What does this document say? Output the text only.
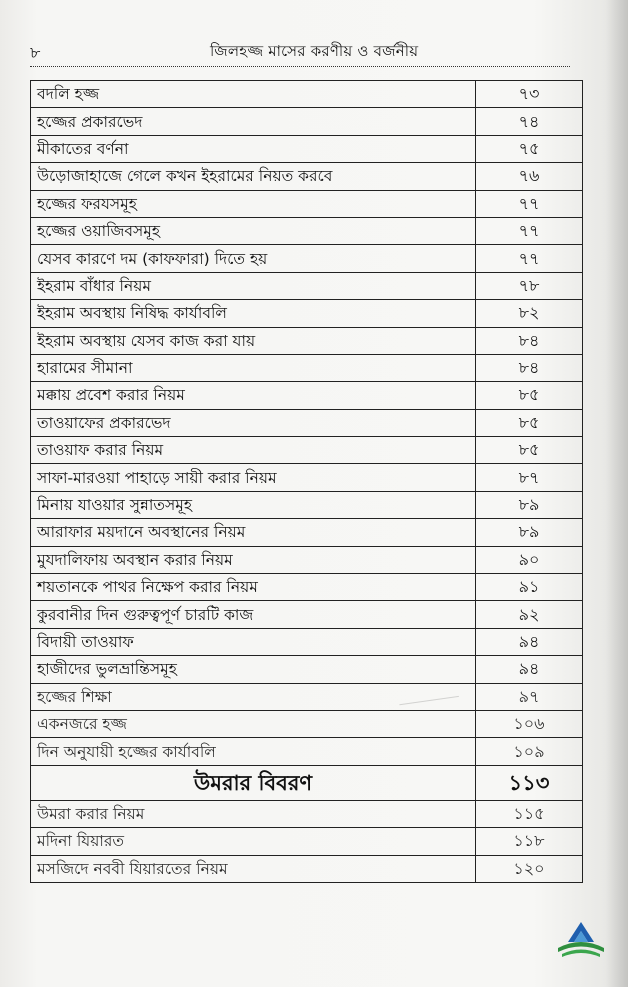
৮	জিলহজ্জ মাসের করণীয় ও বর্জনীয়
বদলি হজ্জ	৭৩
হজ্জের প্রকারভেদ	৭৪
মীকাতের বর্ণনা	৭৫
উড়োজাহাজে গেলে কখন ইহরামের নিয়ত করবে	৭৬
হজ্জের ফরযসমূহ	৭৭
হজ্জের ওয়াজিবসমূহ	৭৭
যেসব কারণে দম (কাফফারা) দিতে হয়	৭৭
ইহরাম বাঁধার নিয়ম	৭৮
ইহরাম অবস্থায় নিষিদ্ধ কার্যাবলি	৮২
ইহরাম অবস্থায় যেসব কাজ করা যায়	৮৪
হারামের সীমানা	৮৪
মক্কায় প্রবেশ করার নিয়ম	৮৫
তাওয়াফের প্রকারভেদ	৮৫
তাওয়াফ করার নিয়ম	৮৫
সাফা-মারওয়া পাহাড়ে সায়ী করার নিয়ম	৮৭
মিনায় যাওয়ার সুন্নাতসমূহ	৮৯
আরাফার ময়দানে অবস্থানের নিয়ম	৮৯
মুযদালিফায় অবস্থান করার নিয়ম	৯০
শয়তানকে পাথর নিক্ষেপ করার নিয়ম	৯১
কুরবানীর দিন গুরুত্বপূর্ণ চারটি কাজ	৯২
বিদায়ী তাওয়াফ	৯৪
হাজীদের ভুলভ্রান্তিসমূহ	৯৪
হজ্জের শিক্ষা	৯৭
একনজরে হজ্জ	১০৬
দিন অনুযায়ী হজ্জের কার্যাবলি	১০৯
উমরার বিবরণ	১১৩
উমরা করার নিয়ম	১১৫
মদিনা যিয়ারত	১১৮
মসজিদে নববী যিয়ারতের নিয়ম	১২০
